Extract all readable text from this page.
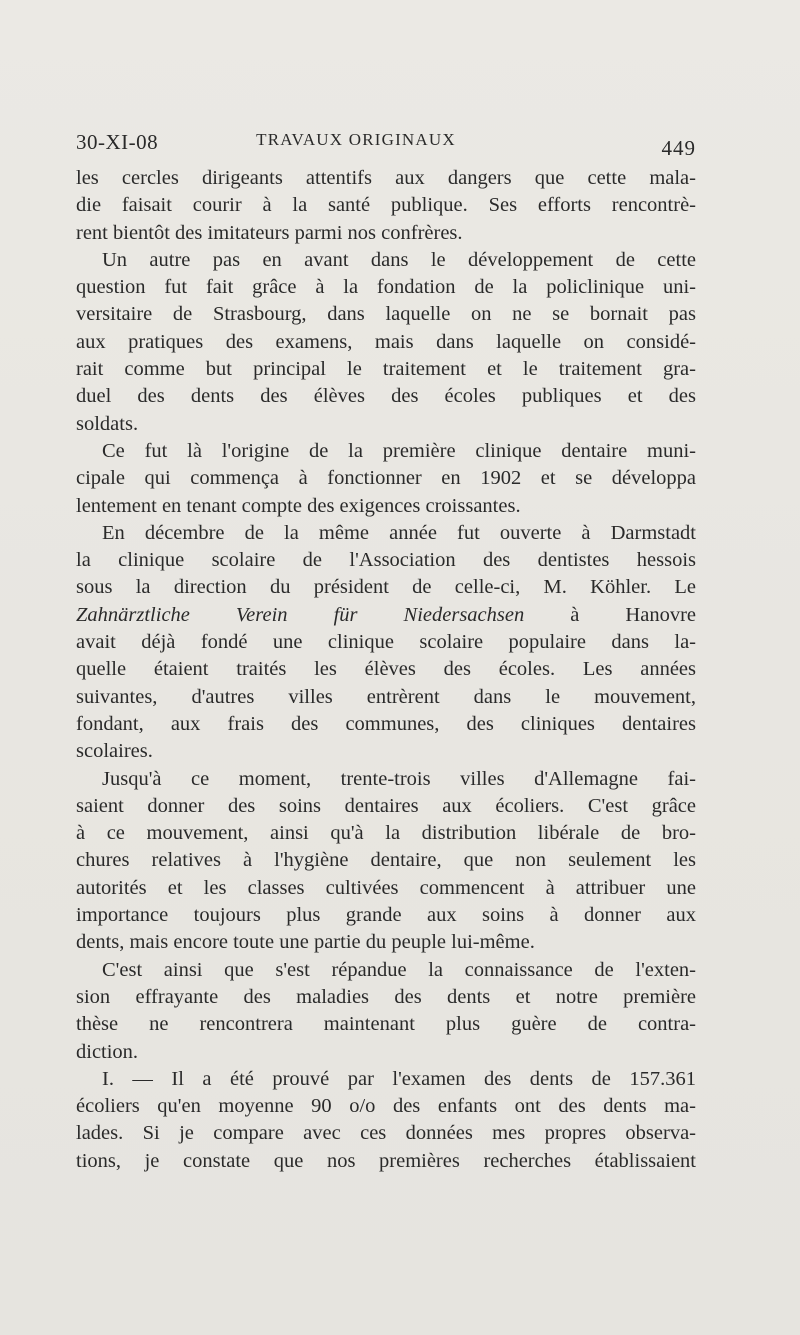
30-XI-08	TRAVAUX ORIGINAUX	449
les cercles dirigeants attentifs aux dangers que cette mala-
die faisait courir à la santé publique. Ses efforts rencontrè-
rent bientôt des imitateurs parmi nos confrères.
Un autre pas en avant dans le développement de cette
question fut fait grâce à la fondation de la policlinique uni-
versitaire de Strasbourg, dans laquelle on ne se bornait pas
aux pratiques des examens, mais dans laquelle on considé-
rait comme but principal le traitement et le traitement gra-
duel des dents des élèves des écoles publiques et des
soldats.
Ce fut là l'origine de la première clinique dentaire muni-
cipale qui commença à fonctionner en 1902 et se développa
lentement en tenant compte des exigences croissantes.
En décembre de la même année fut ouverte à Darmstadt
la clinique scolaire de l'Association des dentistes hessois
sous la direction du président de celle-ci, M. Köhler. Le
Zahnärztliche Verein für Niedersachsen à Hanovre
avait déjà fondé une clinique scolaire populaire dans la-
quelle étaient traités les élèves des écoles. Les années
suivantes, d'autres villes entrèrent dans le mouvement,
fondant, aux frais des communes, des cliniques dentaires
scolaires.
Jusqu'à ce moment, trente-trois villes d'Allemagne fai-
saient donner des soins dentaires aux écoliers. C'est grâce
à ce mouvement, ainsi qu'à la distribution libérale de bro-
chures relatives à l'hygiène dentaire, que non seulement les
autorités et les classes cultivées commencent à attribuer une
importance toujours plus grande aux soins à donner aux
dents, mais encore toute une partie du peuple lui-même.
C'est ainsi que s'est répandue la connaissance de l'exten-
sion effrayante des maladies des dents et notre première
thèse ne rencontrera maintenant plus guère de contra-
diction.
I. — Il a été prouvé par l'examen des dents de 157.361
écoliers qu'en moyenne 90 o/o des enfants ont des dents ma-
lades. Si je compare avec ces données mes propres observa-
tions, je constate que nos premières recherches établissaient
